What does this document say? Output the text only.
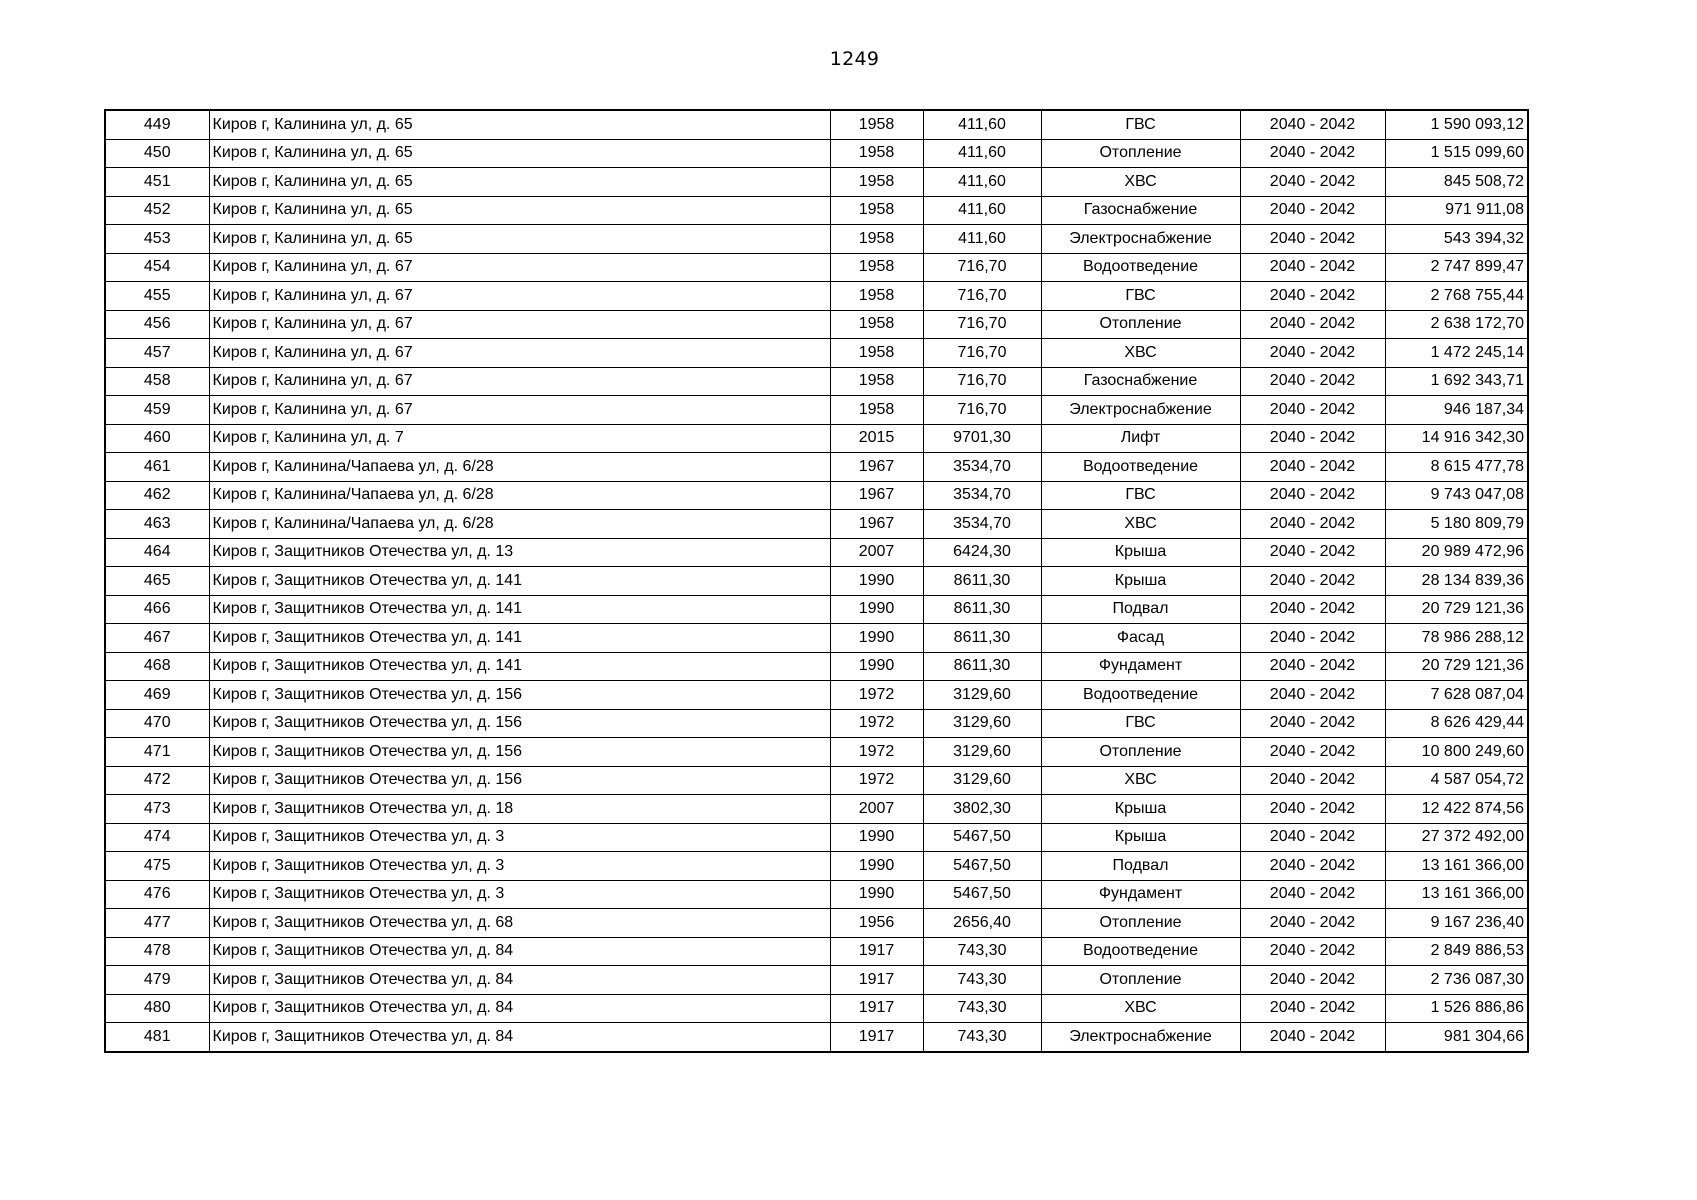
1249
449	Киров г, Калинина ул, д. 65	1958	411,60	ГВС	2040 - 2042	1 590 093,12
450	Киров г, Калинина ул, д. 65	1958	411,60	Отопление	2040 - 2042	1 515 099,60
451	Киров г, Калинина ул, д. 65	1958	411,60	ХВС	2040 - 2042	845 508,72
452	Киров г, Калинина ул, д. 65	1958	411,60	Газоснабжение	2040 - 2042	971 911,08
453	Киров г, Калинина ул, д. 65	1958	411,60	Электроснабжение	2040 - 2042	543 394,32
454	Киров г, Калинина ул, д. 67	1958	716,70	Водоотведение	2040 - 2042	2 747 899,47
455	Киров г, Калинина ул, д. 67	1958	716,70	ГВС	2040 - 2042	2 768 755,44
456	Киров г, Калинина ул, д. 67	1958	716,70	Отопление	2040 - 2042	2 638 172,70
457	Киров г, Калинина ул, д. 67	1958	716,70	ХВС	2040 - 2042	1 472 245,14
458	Киров г, Калинина ул, д. 67	1958	716,70	Газоснабжение	2040 - 2042	1 692 343,71
459	Киров г, Калинина ул, д. 67	1958	716,70	Электроснабжение	2040 - 2042	946 187,34
460	Киров г, Калинина ул, д. 7	2015	9701,30	Лифт	2040 - 2042	14 916 342,30
461	Киров г, Калинина/Чапаева ул, д. 6/28	1967	3534,70	Водоотведение	2040 - 2042	8 615 477,78
462	Киров г, Калинина/Чапаева ул, д. 6/28	1967	3534,70	ГВС	2040 - 2042	9 743 047,08
463	Киров г, Калинина/Чапаева ул, д. 6/28	1967	3534,70	ХВС	2040 - 2042	5 180 809,79
464	Киров г, Защитников Отечества ул, д. 13	2007	6424,30	Крыша	2040 - 2042	20 989 472,96
465	Киров г, Защитников Отечества ул, д. 141	1990	8611,30	Крыша	2040 - 2042	28 134 839,36
466	Киров г, Защитников Отечества ул, д. 141	1990	8611,30	Подвал	2040 - 2042	20 729 121,36
467	Киров г, Защитников Отечества ул, д. 141	1990	8611,30	Фасад	2040 - 2042	78 986 288,12
468	Киров г, Защитников Отечества ул, д. 141	1990	8611,30	Фундамент	2040 - 2042	20 729 121,36
469	Киров г, Защитников Отечества ул, д. 156	1972	3129,60	Водоотведение	2040 - 2042	7 628 087,04
470	Киров г, Защитников Отечества ул, д. 156	1972	3129,60	ГВС	2040 - 2042	8 626 429,44
471	Киров г, Защитников Отечества ул, д. 156	1972	3129,60	Отопление	2040 - 2042	10 800 249,60
472	Киров г, Защитников Отечества ул, д. 156	1972	3129,60	ХВС	2040 - 2042	4 587 054,72
473	Киров г, Защитников Отечества ул, д. 18	2007	3802,30	Крыша	2040 - 2042	12 422 874,56
474	Киров г, Защитников Отечества ул, д. 3	1990	5467,50	Крыша	2040 - 2042	27 372 492,00
475	Киров г, Защитников Отечества ул, д. 3	1990	5467,50	Подвал	2040 - 2042	13 161 366,00
476	Киров г, Защитников Отечества ул, д. 3	1990	5467,50	Фундамент	2040 - 2042	13 161 366,00
477	Киров г, Защитников Отечества ул, д. 68	1956	2656,40	Отопление	2040 - 2042	9 167 236,40
478	Киров г, Защитников Отечества ул, д. 84	1917	743,30	Водоотведение	2040 - 2042	2 849 886,53
479	Киров г, Защитников Отечества ул, д. 84	1917	743,30	Отопление	2040 - 2042	2 736 087,30
480	Киров г, Защитников Отечества ул, д. 84	1917	743,30	ХВС	2040 - 2042	1 526 886,86
481	Киров г, Защитников Отечества ул, д. 84	1917	743,30	Электроснабжение	2040 - 2042	981 304,66
